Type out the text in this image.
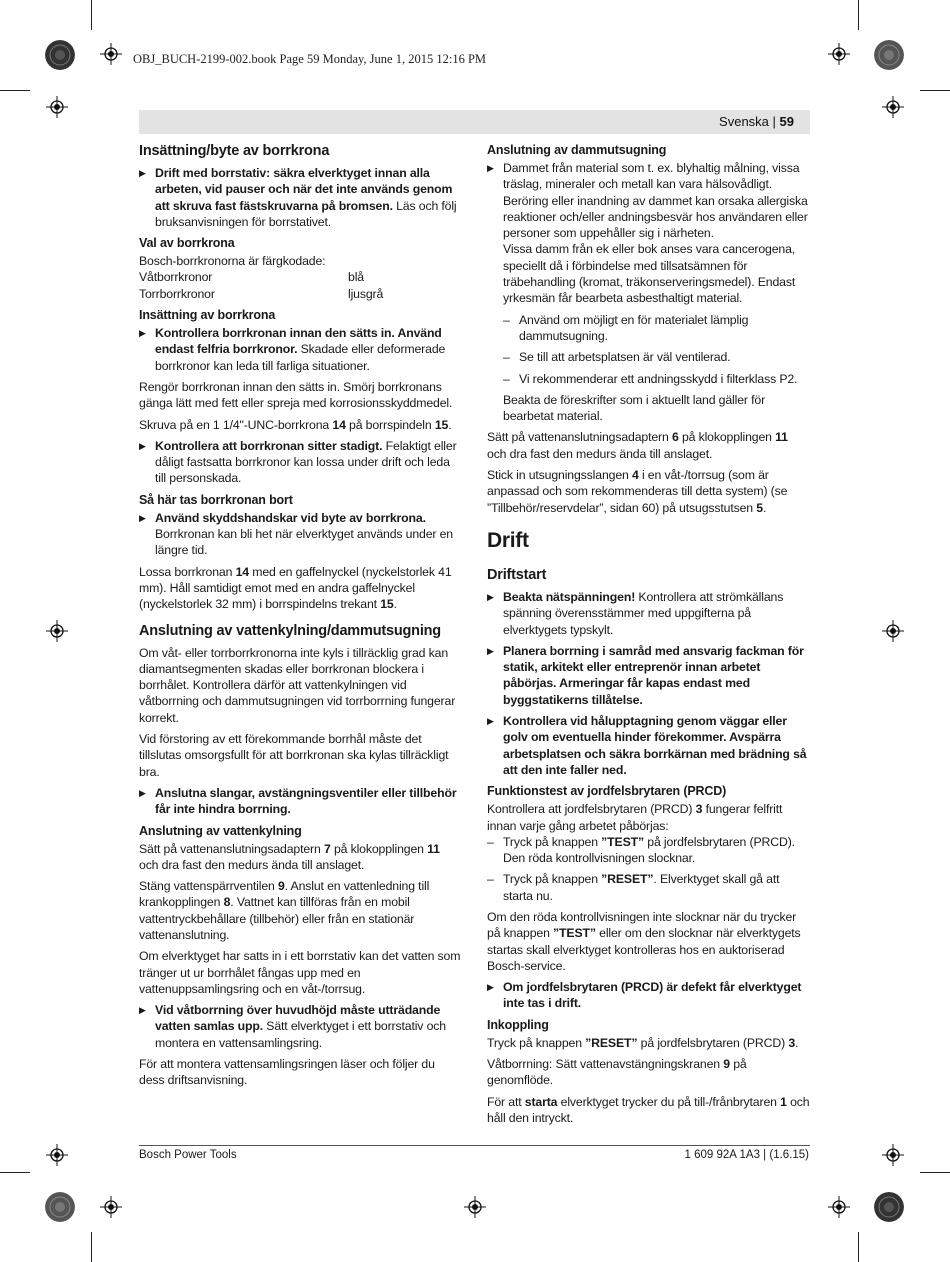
OBJ_BUCH-2199-002.book Page 59 Monday, June 1, 2015 12:16 PM
Svenska | 59
Insättning/byte av borrkrona

▶ Drift med borrstativ: säkra elverktyget innan alla arbeten, vid pauser och när det inte används genom att skruva fast fästskruvarna på bromsen. Läs och följ bruksanvisningen för borrstativet.

Val av borrkrona

Bosch-borrkronorna är färgkodade:

Våtborrkronor	blå
Torrborrkronor	ljusgrå
Insättning av borrkrona

▶ Kontrollera borrkronan innan den sätts in. Använd endast felfria borrkronor. Skadade eller deformerade borrkronor kan leda till farliga situationer.

Rengör borrkronan innan den sätts in. Smörj borrkronans gänga lätt med fett eller spreja med korrosionsskyddmedel.

Skruva på en 1 1/4"-UNC-borrkrona 14 på borrspindeln 15.

▶ Kontrollera att borrkronan sitter stadigt. Felaktigt eller dåligt fastsatta borrkronor kan lossa under drift och leda till personskada.

Så här tas borrkronan bort

▶ Använd skyddshandskar vid byte av borrkrona. Borrkronan kan bli het när elverktyget används under en längre tid.

Lossa borrkronan 14 med en gaffelnyckel (nyckelstorlek 41 mm). Håll samtidigt emot med en andra gaffelnyckel (nyckelstorlek 32 mm) i borrspindelns trekant 15.

Anslutning av vattenkylning/dammutsugning

Om våt- eller torrborrkronorna inte kyls i tillräcklig grad kan diamantsegmenten skadas eller borrkronan blockera i borrhålet. Kontrollera därför att vattenkylningen vid våtborrning och dammutsugningen vid torrborrning fungerar korrekt.

Vid förstoring av ett förekommande borrhål måste det tillslutas omsorgsfullt för att borrkronan ska kylas tillräckligt bra.

▶ Anslutna slangar, avstängningsventiler eller tillbehör får inte hindra borrning.

Anslutning av vattenkylning

Sätt på vattenanslutningsadaptern 7 på klokopplingen 11 och dra fast den medurs ända till anslaget.

Stäng vattenspärrventilen 9. Anslut en vattenledning till krankopplingen 8. Vattnet kan tillföras från en mobil vattentryckbehållare (tillbehör) eller från en stationär vattenanslutning.

Om elverktyget har satts in i ett borrstativ kan det vatten som tränger ut ur borrhålet fångas upp med en vattenuppsamlingsring och en våt-/torrsug.

▶ Vid våtborrning över huvudhöjd måste utträdande vatten samlas upp. Sätt elverktyget i ett borrstativ och montera en vattensamlingsring.

För att montera vattensamlingsringen läser och följer du dess driftsanvisning.

Anslutning av dammutsugning

▶ Dammet från material som t. ex. blyhaltig målning, vissa träslag, mineraler och metall kan vara hälsovådligt. Beröring eller inandning av dammet kan orsaka allergiska reaktioner och/eller andningsbesvär hos användaren eller personer som uppehåller sig i närheten.

Vissa damm från ek eller bok anses vara cancerogena, speciellt då i förbindelse med tillsatsämnen för träbehandling (kromat, träkonserveringsmedel). Endast yrkesmän får bearbeta asbesthaltigt material.

– Använd om möjligt en för materialet lämplig dammutsugning.

– Se till att arbetsplatsen är väl ventilerad.

– Vi rekommenderar ett andningsskydd i filterklass P2.

Beakta de föreskrifter som i aktuellt land gäller för bearbetat material.

Sätt på vattenanslutningsadaptern 6 på klokopplingen 11 och dra fast den medurs ända till anslaget.

Stick in utsugningsslangen 4 i en våt-/torrsug (som är anpassad och som rekommenderas till detta system) (se ”Tillbehör/reservdelar”, sidan 60) på utsugsstutsen 5.

Drift
Driftstart

▶ Beakta nätspänningen! Kontrollera att strömkällans spänning överensstämmer med uppgifterna på elverktygets typskylt.

▶ Planera borrning i samråd med ansvarig fackman för statik, arkitekt eller entreprenör innan arbetet påbörjas. Armeringar får kapas endast med byggstatikerns tillåtelse.

▶ Kontrollera vid hålupptagning genom väggar eller golv om eventuella hinder förekommer. Avspärra arbetsplatsen och säkra borrkärnan med brädning så att den inte faller ned.

Funktionstest av jordfelsbrytaren (PRCD)

Kontrollera att jordfelsbrytaren (PRCD) 3 fungerar felfritt innan varje gång arbetet påbörjas:

– Tryck på knappen ”TEST” på jordfelsbrytaren (PRCD). Den röda kontrollvisningen slocknar.

– Tryck på knappen ”RESET”. Elverktyget skall gå att starta nu.

Om den röda kontrollvisningen inte slocknar när du trycker på knappen ”TEST” eller om den slocknar när elverktygets startas skall elverktyget kontrolleras hos en auktoriserad Bosch-service.

▶ Om jordfelsbrytaren (PRCD) är defekt får elverktyget inte tas i drift.

Inkoppling

Tryck på knappen ”RESET” på jordfelsbrytaren (PRCD) 3.

Våtborrning: Sätt vattenavstängningskranen 9 på genomflöde.

För att starta elverktyget trycker du på till-/frånbrytaren 1 och håll den intryckt.

Bosch Power Tools	1 609 92A 1A3 | (1.6.15)
